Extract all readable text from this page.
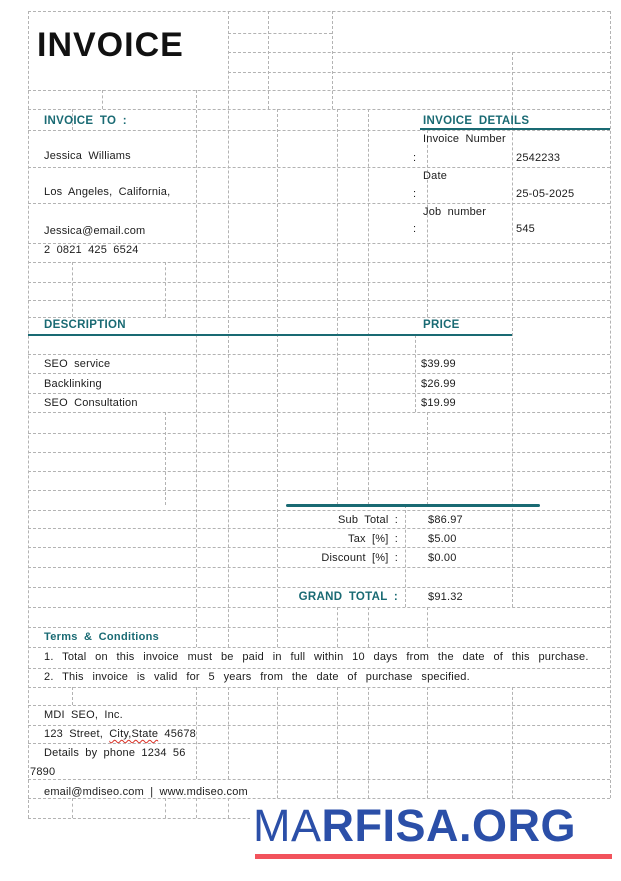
INVOICE
INVOICE TO :
Jessica Williams
Los Angeles, California,
Jessica@email.com
2 0821 425 6524
INVOICE DETAILS
Invoice Number
:	2542233
Date
:	25-05-2025
Job number
:	545
DESCRIPTION	PRICE
SEO service	$39.99
Backlinking	$26.99
SEO Consultation	$19.99
Sub Total :	$86.97
Tax [%] :	$5.00
Discount [%] :	$0.00
GRAND TOTAL :	$91.32
Terms & Conditions
1. Total on this invoice must be paid in full within 10 days from the date of this purchase.
2. This invoice is valid for 5 years from the date of purchase specified.
MDI SEO, Inc.
123 Street, City,State 45678
Details by phone 1234 56
7890
email@mdiseo.com | www.mdiseo.com
MARFISA.ORG
